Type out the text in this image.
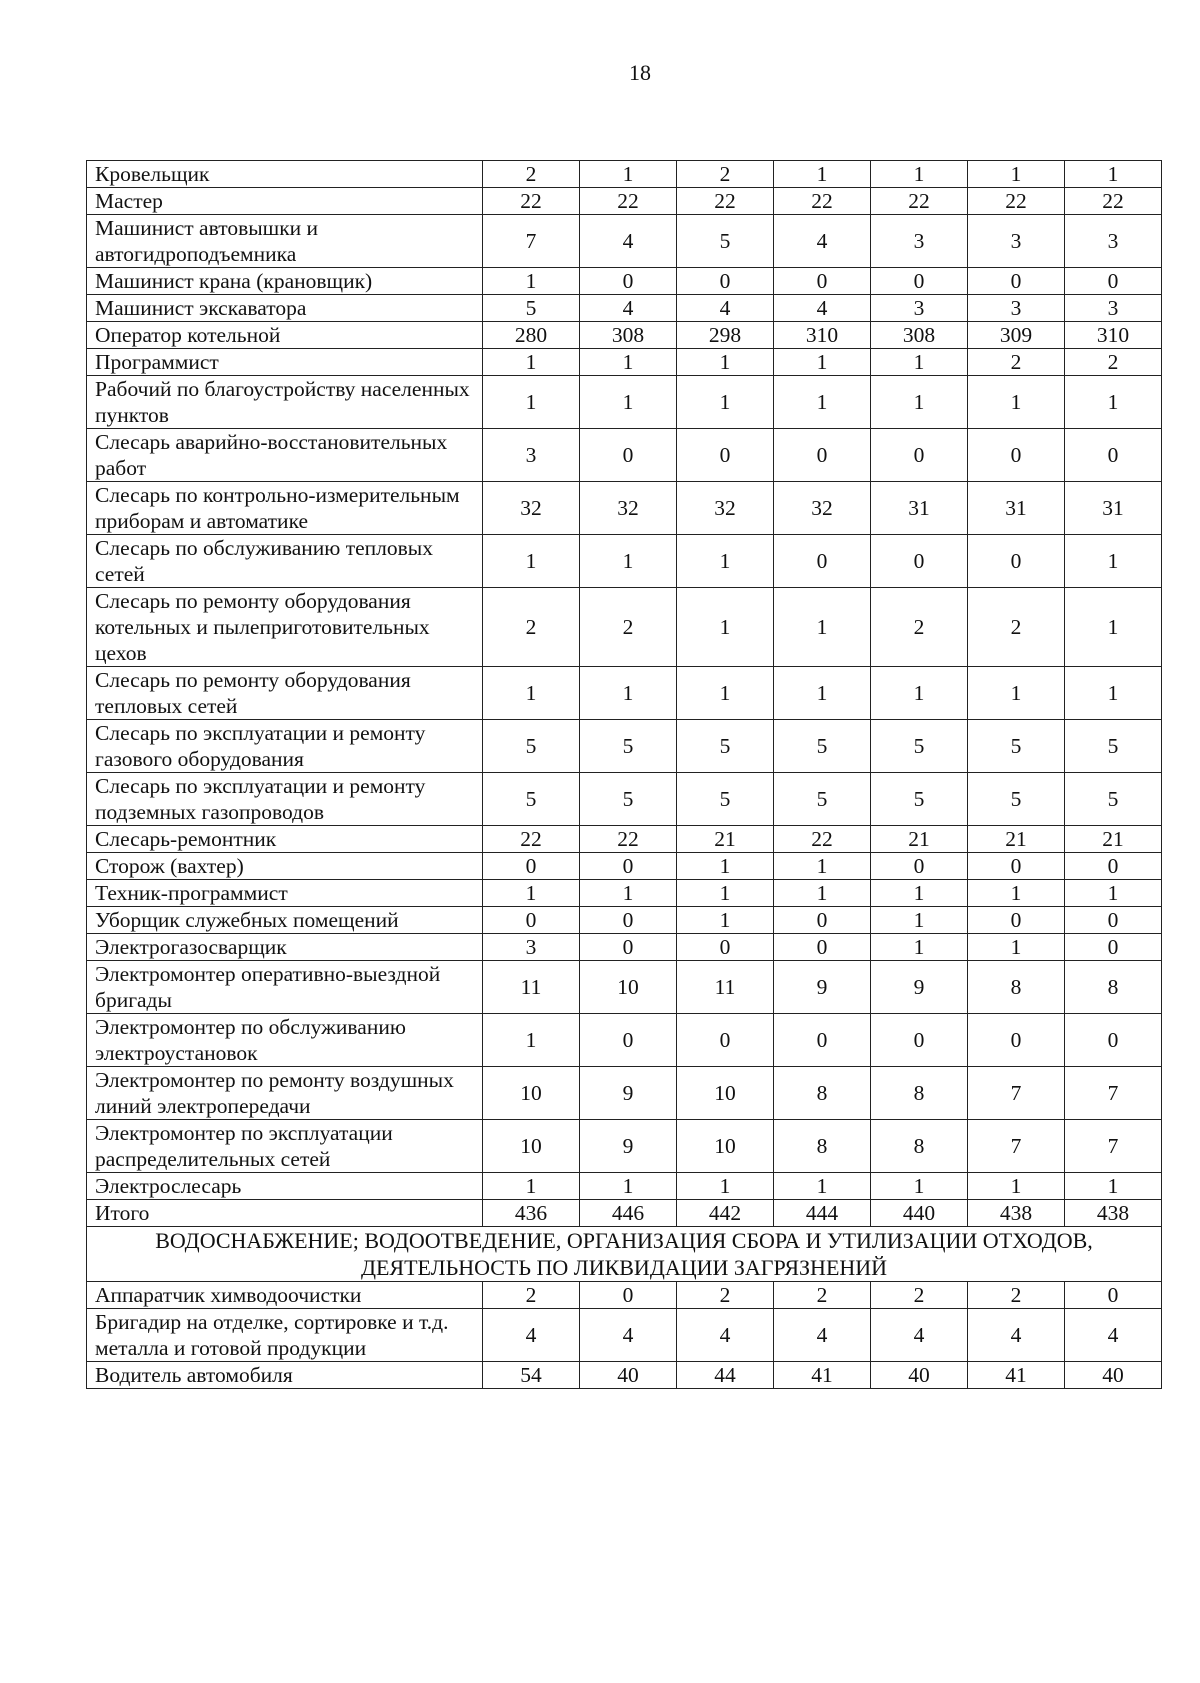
18
Кровельщик	2	1	2	1	1	1	1
Мастер	22	22	22	22	22	22	22
Машинист автовышки и автогидроподъемника	7	4	5	4	3	3	3
Машинист крана (крановщик)	1	0	0	0	0	0	0
Машинист экскаватора	5	4	4	4	3	3	3
Оператор котельной	280	308	298	310	308	309	310
Программист	1	1	1	1	1	2	2
Рабочий по благоустройству населенных пунктов	1	1	1	1	1	1	1
Слесарь аварийно-восстановительных работ	3	0	0	0	0	0	0
Слесарь по контрольно-измерительным приборам и автоматике	32	32	32	32	31	31	31
Слесарь по обслуживанию тепловых сетей	1	1	1	0	0	0	1
Слесарь по ремонту оборудования котельных и пылеприготовительных цехов	2	2	1	1	2	2	1
Слесарь по ремонту оборудования тепловых сетей	1	1	1	1	1	1	1
Слесарь по эксплуатации и ремонту газового оборудования	5	5	5	5	5	5	5
Слесарь по эксплуатации и ремонту подземных газопроводов	5	5	5	5	5	5	5
Слесарь-ремонтник	22	22	21	22	21	21	21
Сторож (вахтер)	0	0	1	1	0	0	0
Техник-программист	1	1	1	1	1	1	1
Уборщик служебных помещений	0	0	1	0	1	0	0
Электрогазосварщик	3	0	0	0	1	1	0
Электромонтер оперативно-выездной бригады	11	10	11	9	9	8	8
Электромонтер по обслуживанию электроустановок	1	0	0	0	0	0	0
Электромонтер по ремонту воздушных линий электропередачи	10	9	10	8	8	7	7
Электромонтер по эксплуатации распределительных сетей	10	9	10	8	8	7	7
Электрослесарь	1	1	1	1	1	1	1
Итого	436	446	442	444	440	438	438
ВОДОСНАБЖЕНИЕ; ВОДООТВЕДЕНИЕ, ОРГАНИЗАЦИЯ СБОРА И УТИЛИЗАЦИИ ОТХОДОВ, ДЕЯТЕЛЬНОСТЬ ПО ЛИКВИДАЦИИ ЗАГРЯЗНЕНИЙ							
Аппаратчик химводоочистки	2	0	2	2	2	2	0
Бригадир на отделке, сортировке и т.д. металла и готовой продукции	4	4	4	4	4	4	4
Водитель автомобиля	54	40	44	41	40	41	40
